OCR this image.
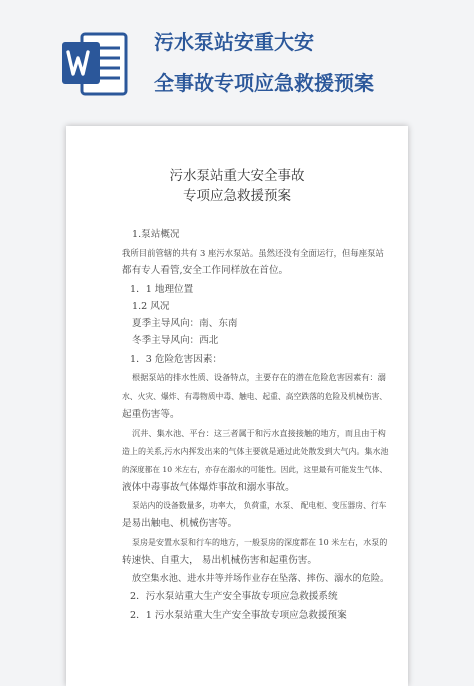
污水泵站安重大安
全事故专项应急救援预案
污水泵站重大安全事故
专项应急救援预案
1.泵站概况
我所目前管辖的共有 3 座污水泵站。虽然还没有全面运行，但每座泵站
都有专人看管,安全工作同样放在首位。
1．1 地理位置
1.2 风况
夏季主导风向：南、东南
冬季主导风向：西北
1．3 危险危害因素：
根据泵站的排水性质、设备特点，主要存在的潜在危险危害因素有：溺
水、火灾、爆炸、有毒物质中毒、触电、起重、高空跌落的危险及机械伤害、
起重伤害等。
沉井、集水池、平台：这三者属于和污水直接接触的地方，而且由于构
造上的关系,污水内挥发出来的气体主要就是通过此处散发到大气内。集水池
的深度都在 10 米左右，亦存在溺水的可能性。因此，这里最有可能发生气体、
液体中毒事故气体爆炸事故和溺水事故。
泵站内的设备数量多，功率大， 负荷重，水泵、 配电柜、变压器房、行车
是易出触电、机械伤害等。
泵房是安置水泵和行车的地方，一般泵房的深度都在 10 米左右，水泵的
转速快、自重大， 易出机械伤害和起重伤害。
放空集水池、进水井等并场作业存在坠落、摔伤、溺水的危险。
2．污水泵站重大生产安全事故专项应急救援系统
2．1 污水泵站重大生产安全事故专项应急救援预案
